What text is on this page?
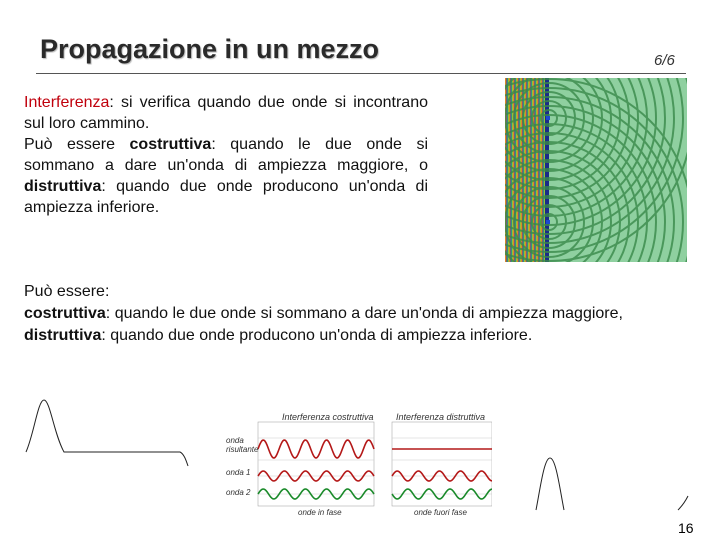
Propagazione in un mezzo	6/6

Interferenza: si verifica quando due onde si incontrano sul loro cammino.
Può essere costruttiva: quando le due onde si sommano a dare un'onda di ampiezza maggiore, o distruttiva: quando due onde producono un'onda di ampiezza inferiore.

Può essere:
costruttiva: quando le due onde si sommano a dare un'onda di ampiezza maggiore,
distruttiva: quando due onde producono un'onda di ampiezza inferiore.

Interferenza costruttiva Interferenza distruttiva
onda risultante
onda 1
onda 2
onde in fase	onde fuori fase
16
